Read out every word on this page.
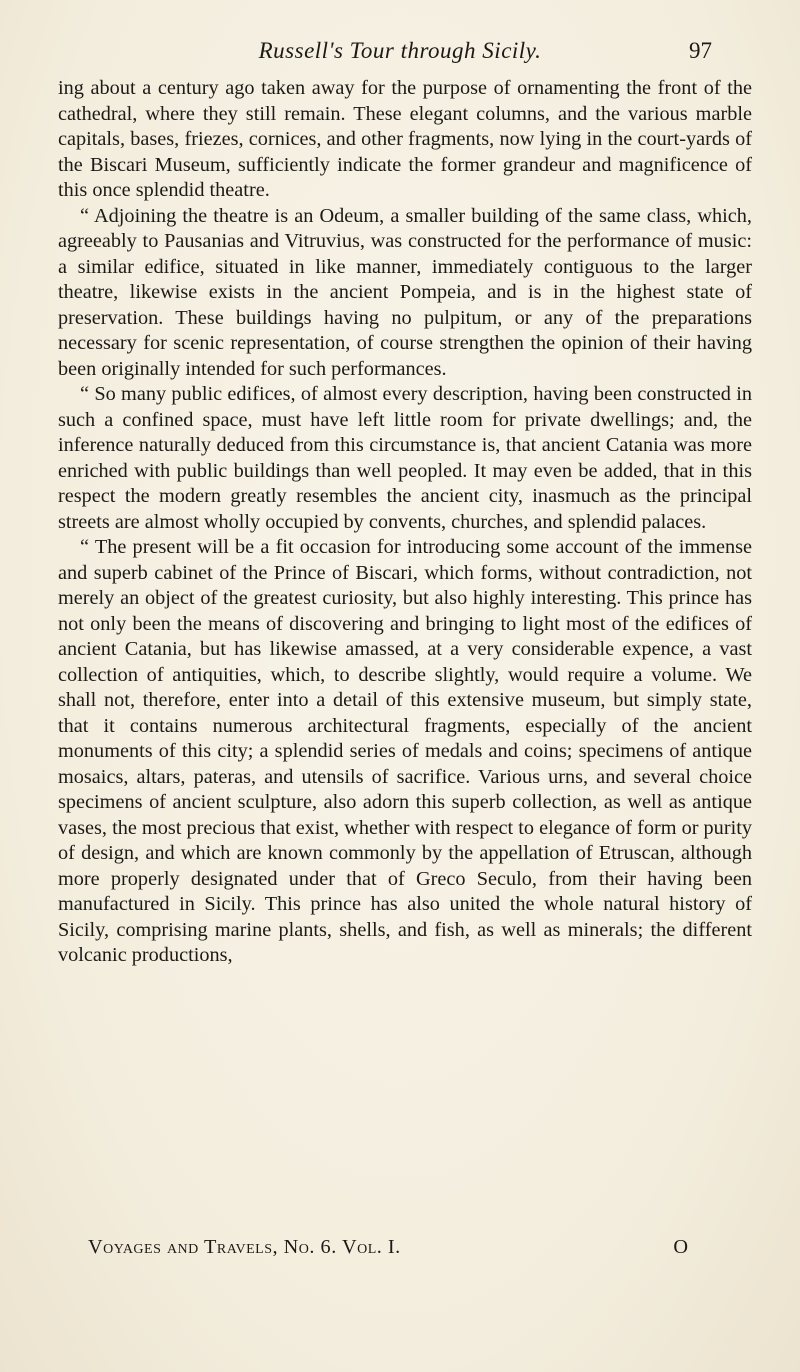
Russell's Tour through Sicily.	97

ing about a century ago taken away for the purpose of ornamenting the front of the cathedral, where they still remain. These elegant columns, and the various marble capitals, bases, friezes, cornices, and other fragments, now lying in the court-yards of the Biscari Museum, sufficiently indicate the former grandeur and magnificence of this once splendid theatre.

“ Adjoining the theatre is an Odeum, a smaller building of the same class, which, agreeably to Pausanias and Vitruvius, was constructed for the performance of music: a similar edifice, situated in like manner, immediately contiguous to the larger theatre, likewise exists in the ancient Pompeia, and is in the highest state of preservation. These buildings having no pulpitum, or any of the preparations necessary for scenic representation, of course strengthen the opinion of their having been originally intended for such performances.

“ So many public edifices, of almost every description, having been constructed in such a confined space, must have left little room for private dwellings; and, the inference naturally deduced from this circumstance is, that ancient Catania was more enriched with public buildings than well peopled. It may even be added, that in this respect the modern greatly resembles the ancient city, inasmuch as the principal streets are almost wholly occupied by convents, churches, and splendid palaces.

“ The present will be a fit occasion for introducing some account of the immense and superb cabinet of the Prince of Biscari, which forms, without contradiction, not merely an object of the greatest curiosity, but also highly interesting. This prince has not only been the means of discovering and bringing to light most of the edifices of ancient Catania, but has likewise amassed, at a very considerable expence, a vast collection of antiquities, which, to describe slightly, would require a volume. We shall not, therefore, enter into a detail of this extensive museum, but simply state, that it contains numerous architectural fragments, especially of the ancient monuments of this city; a splendid series of medals and coins; specimens of antique mosaics, altars, pateras, and utensils of sacrifice. Various urns, and several choice specimens of ancient sculpture, also adorn this superb collection, as well as antique vases, the most precious that exist, whether with respect to elegance of form or purity of design, and which are known commonly by the appellation of Etruscan, although more properly designated under that of Greco Seculo, from their having been manufactured in Sicily. This prince has also united the whole natural history of Sicily, comprising marine plants, shells, and fish, as well as minerals; the different volcanic productions,

Voyages and Travels, No. 6. Vol. I.	O
